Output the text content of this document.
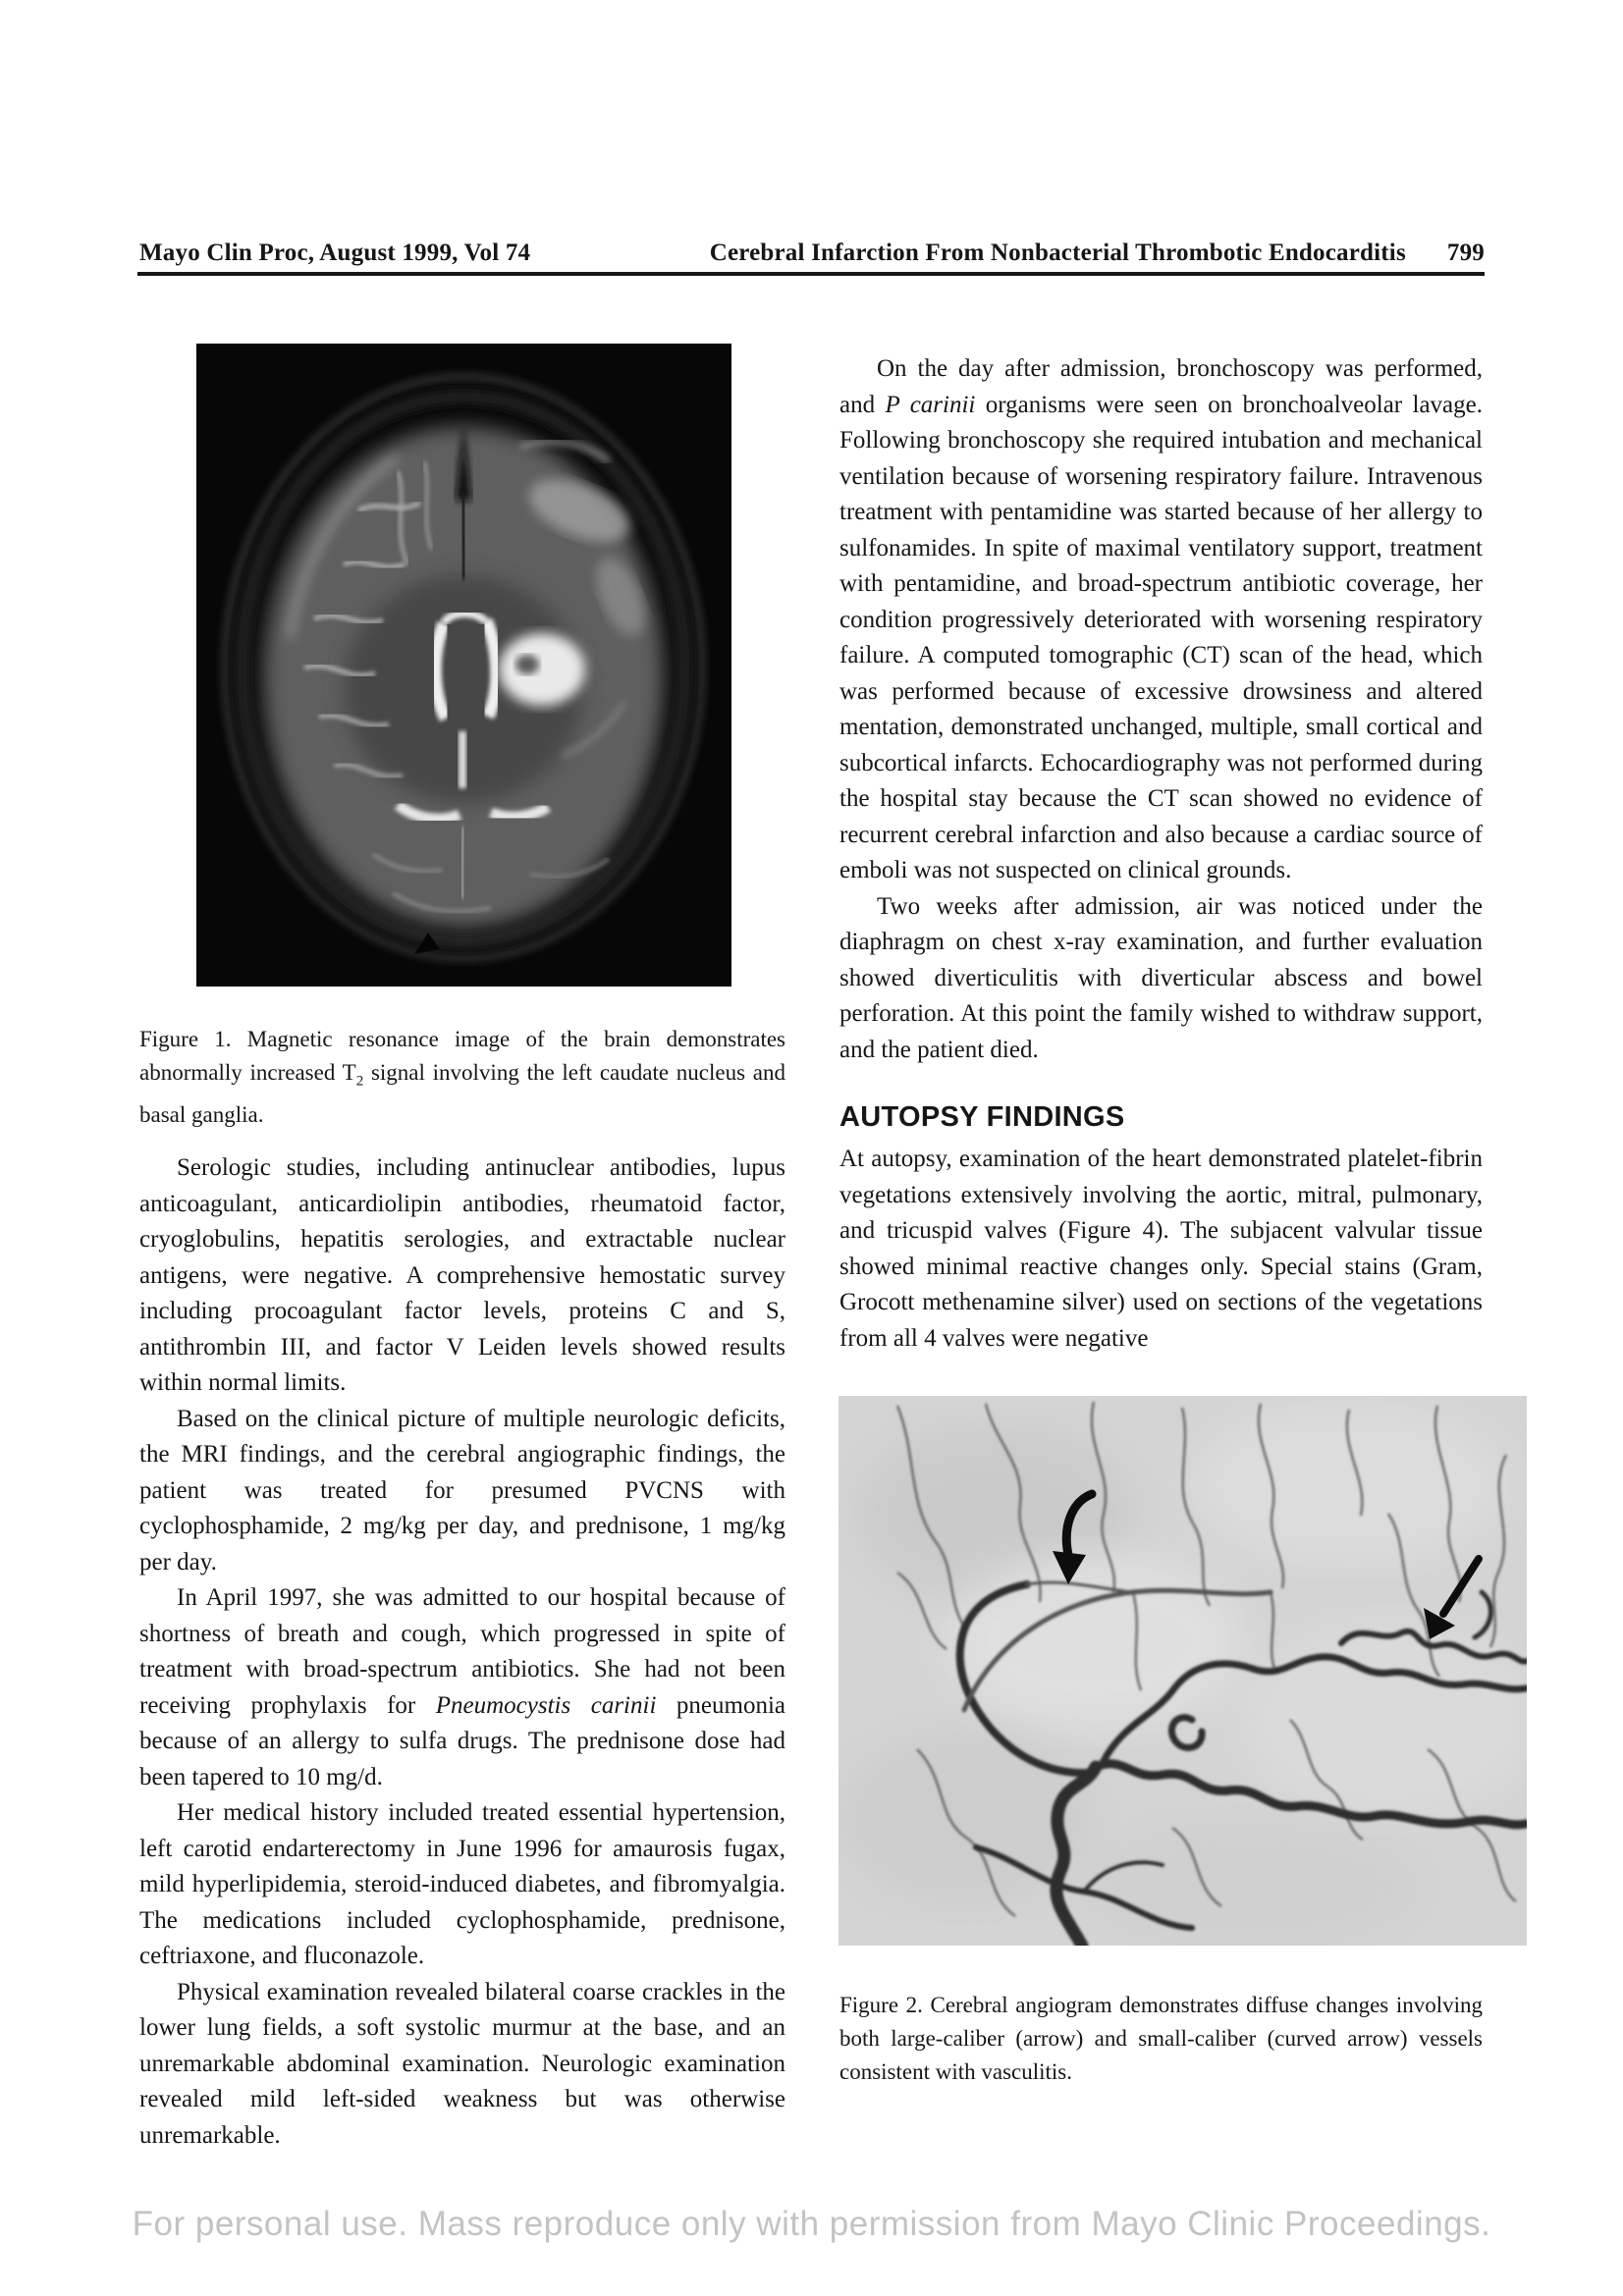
Mayo Clin Proc, August 1999, Vol 74	Cerebral Infarction From Nonbacterial Thrombotic Endocarditis 799
Figure 1. Magnetic resonance image of the brain demonstrates abnormally increased $T_2$ signal involving the left caudate nucleus and basal ganglia.

Serologic studies, including antinuclear antibodies, lupus anticoagulant, anticardiolipin antibodies, rheumatoid factor, cryoglobulins, hepatitis serologies, and extractable nuclear antigens, were negative. A comprehensive hemostatic survey including procoagulant factor levels, proteins C and S, antithrombin III, and factor V Leiden levels showed results within normal limits.

Based on the clinical picture of multiple neurologic deficits, the MRI findings, and the cerebral angiographic findings, the patient was treated for presumed PVCNS with cyclophosphamide, 2 mg/kg per day, and prednisone, 1 mg/kg per day.

In April 1997, she was admitted to our hospital because of shortness of breath and cough, which progressed in spite of treatment with broad-spectrum antibiotics. She had not been receiving prophylaxis for Pneumocystis carinii pneumonia because of an allergy to sulfa drugs. The prednisone dose had been tapered to 10 mg/d.

Her medical history included treated essential hypertension, left carotid endarterectomy in June 1996 for amaurosis fugax, mild hyperlipidemia, steroid-induced diabetes, and fibromyalgia. The medications included cyclophosphamide, prednisone, ceftriaxone, and fluconazole.

Physical examination revealed bilateral coarse crackles in the lower lung fields, a soft systolic murmur at the base, and an unremarkable abdominal examination. Neurologic examination revealed mild left-sided weakness but was otherwise unremarkable.

On the day after admission, bronchoscopy was performed, and P carinii organisms were seen on bronchoalveolar lavage. Following bronchoscopy she required intubation and mechanical ventilation because of worsening respiratory failure. Intravenous treatment with pentamidine was started because of her allergy to sulfonamides. In spite of maximal ventilatory support, treatment with pentamidine, and broad-spectrum antibiotic coverage, her condition progressively deteriorated with worsening respiratory failure. A computed tomographic (CT) scan of the head, which was performed because of excessive drowsiness and altered mentation, demonstrated unchanged, multiple, small cortical and subcortical infarcts. Echocardiography was not performed during the hospital stay because the CT scan showed no evidence of recurrent cerebral infarction and also because a cardiac source of emboli was not suspected on clinical grounds.

Two weeks after admission, air was noticed under the diaphragm on chest x-ray examination, and further evaluation showed diverticulitis with diverticular abscess and bowel perforation. At this point the family wished to withdraw support, and the patient died.

AUTOPSY FINDINGS

At autopsy, examination of the heart demonstrated platelet-fibrin vegetations extensively involving the aortic, mitral, pulmonary, and tricuspid valves (Figure 4). The subjacent valvular tissue showed minimal reactive changes only. Special stains (Gram, Grocott methenamine silver) used on sections of the vegetations from all 4 valves were negative

Figure 2. Cerebral angiogram demonstrates diffuse changes involving both large-caliber (arrow) and small-caliber (curved arrow) vessels consistent with vasculitis.
For personal use. Mass reproduce only with permission from Mayo Clinic Proceedings.
